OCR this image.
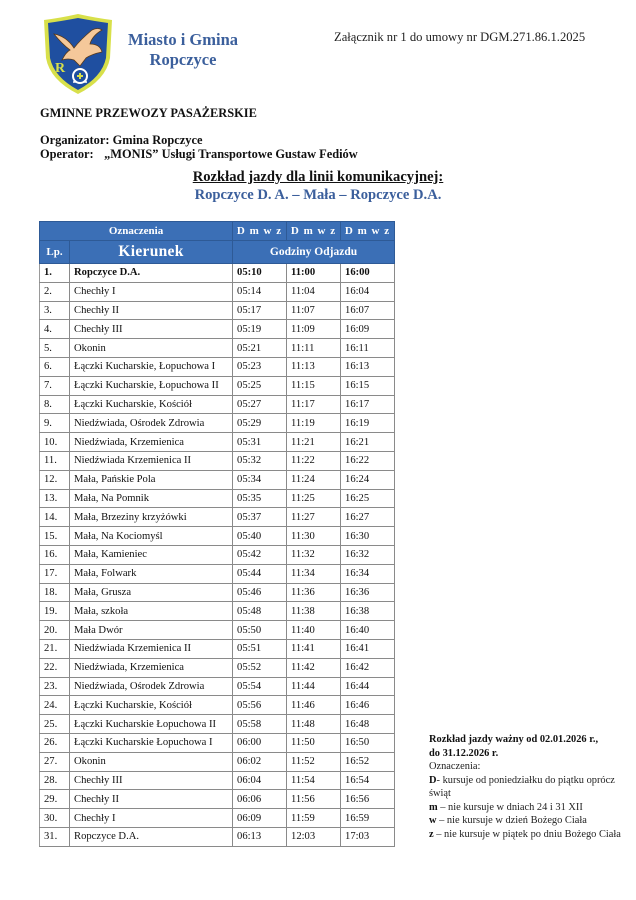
R
Miasto i Gmina
Ropczyce
Załącznik nr 1 do umowy nr DGM.271.86.1.2025
GMINNE PRZEWOZY PASAŻERSKIE
Organizator: Gmina Ropczyce
Operator: „MONIS” Usługi Transportowe Gustaw Fediów
Rozkład jazdy dla linii komunikacyjnej:
Ropczyce D. A. – Mała – Ropczyce D.A.
Oznaczenia		D m w z	D m w z	D m w z
Lp.	Kierunek	Godziny Odjazdu		
1.	Ropczyce D.A.	05:10	11:00	16:00
2.	Chechły I	05:14	11:04	16:04
3.	Chechły II	05:17	11:07	16:07
4.	Chechły III	05:19	11:09	16:09
5.	Okonin	05:21	11:11	16:11
6.	Łączki Kucharskie, Łopuchowa I	05:23	11:13	16:13
7.	Łączki Kucharskie, Łopuchowa II	05:25	11:15	16:15
8.	Łączki Kucharskie, Kościół	05:27	11:17	16:17
9.	Niedźwiada, Ośrodek Zdrowia	05:29	11:19	16:19
10.	Niedźwiada, Krzemienica	05:31	11:21	16:21
11.	Niedźwiada Krzemienica II	05:32	11:22	16:22
12.	Mała, Pańskie Pola	05:34	11:24	16:24
13.	Mała, Na Pomnik	05:35	11:25	16:25
14.	Mała, Brzeziny krzyżówki	05:37	11:27	16:27
15.	Mała, Na Kociomyśl	05:40	11:30	16:30
16.	Mała, Kamieniec	05:42	11:32	16:32
17.	Mała, Folwark	05:44	11:34	16:34
18.	Mała, Grusza	05:46	11:36	16:36
19.	Mała, szkoła	05:48	11:38	16:38
20.	Mała Dwór	05:50	11:40	16:40
21.	Niedźwiada Krzemienica II	05:51	11:41	16:41
22.	Niedźwiada, Krzemienica	05:52	11:42	16:42
23.	Niedźwiada, Ośrodek Zdrowia	05:54	11:44	16:44
24.	Łączki Kucharskie, Kościół	05:56	11:46	16:46
25.	Łączki Kucharskie Łopuchowa II	05:58	11:48	16:48
26.	Łączki Kucharskie Łopuchowa I	06:00	11:50	16:50
27.	Okonin	06:02	11:52	16:52
28.	Chechły III	06:04	11:54	16:54
29.	Chechły II	06:06	11:56	16:56
30.	Chechły I	06:09	11:59	16:59
31.	Ropczyce D.A.	06:13	12:03	17:03
Rozkład jazdy ważny od 02.01.2026 r.,
do 31.12.2026 r.
Oznaczenia:
D- kursuje od poniedziałku do piątku oprócz świąt
m – nie kursuje w dniach 24 i 31 XII
w – nie kursuje w dzień Bożego Ciała
z – nie kursuje w piątek po dniu Bożego Ciała
